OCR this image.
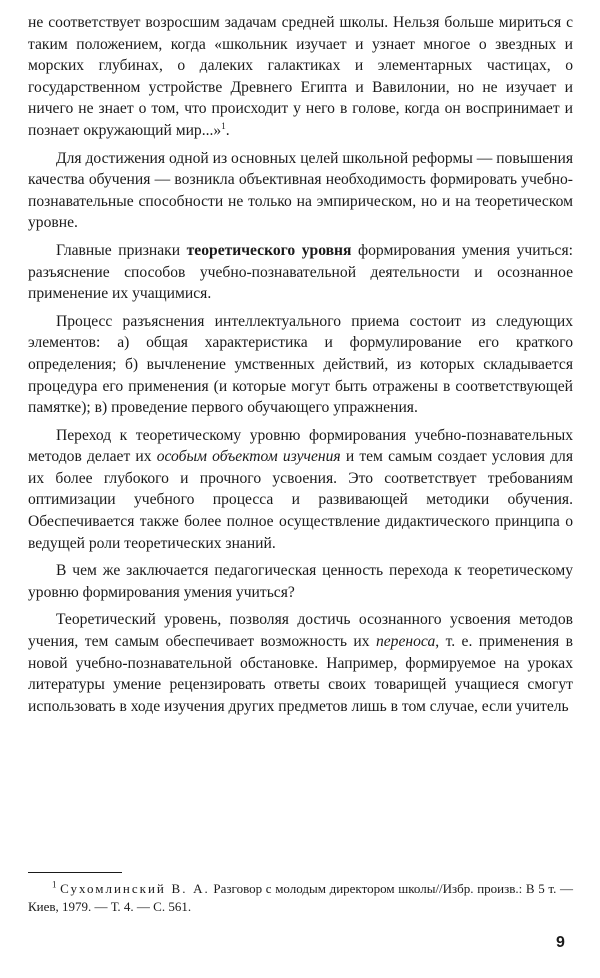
не соответствует возросшим задачам средней школы. Нельзя больше мириться с таким положением, когда «школьник изучает и узнает многое о звездных и морских глубинах, о далеких галактиках и элементарных частицах, о государственном устройстве Древнего Египта и Вавилонии, но не изучает и ничего не знает о том, что происходит у него в голове, когда он воспринимает и познает окружающий мир...»$^1$.

Для достижения одной из основных целей школьной реформы — повышения качества обучения — возникла объективная необходимость формировать учебно-познавательные способности не только на эмпирическом, но и на теоретическом уровне.

Главные признаки теоретического уровня формирования умения учиться: разъяснение способов учебно-познавательной деятельности и осознанное применение их учащимися.

Процесс разъяснения интеллектуального приема состоит из следующих элементов: а) общая характеристика и формулирование его краткого определения; б) вычленение умственных действий, из которых складывается процедура его применения (и которые могут быть отражены в соответствующей памятке); в) проведение первого обучающего упражнения.

Переход к теоретическому уровню формирования учебно-познавательных методов делает их особым объектом изучения и тем самым создает условия для их более глубокого и прочного усвоения. Это соответствует требованиям оптимизации учебного процесса и развивающей методики обучения. Обеспечивается также более полное осуществление дидактического принципа о ведущей роли теоретических знаний.

В чем же заключается педагогическая ценность перехода к теоретическому уровню формирования умения учиться?

Теоретический уровень, позволяя достичь осознанного усвоения методов учения, тем самым обеспечивает возможность их переноса, т. е. применения в новой учебно-познавательной обстановке. Например, формируемое на уроках литературы умение рецензировать ответы своих товарищей учащиеся смогут использовать в ходе изучения других предметов лишь в том случае, если учитель

$^1$ Сухомлинский В. А. Разговор с молодым директором школы//Избр. произв.: В 5 т. — Киев, 1979. — Т. 4. — С. 561.

9
